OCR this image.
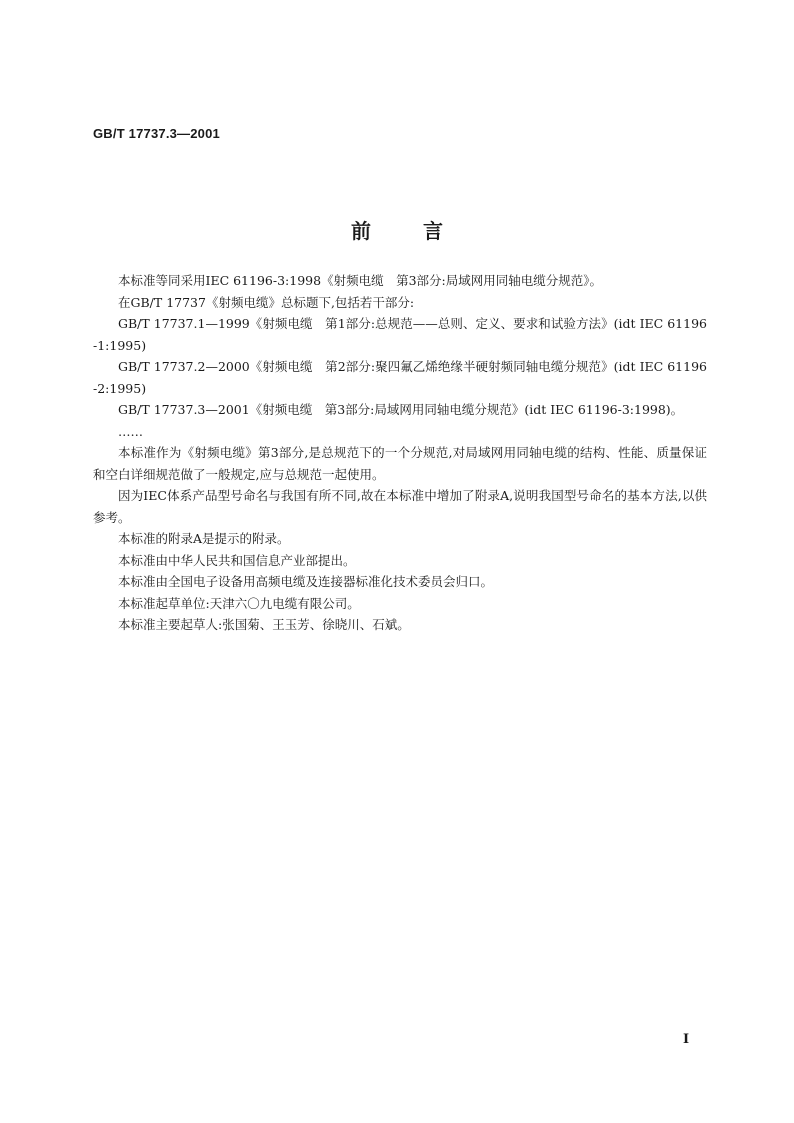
GB/T 17737.3—2001
前	言

本标准等同采用IEC 61196-3:1998《射频电缆　第3部分:局域网用同轴电缆分规范》。

在GB/T 17737《射频电缆》总标题下,包括若干部分:

GB/T 17737.1—1999《射频电缆　第1部分:总规范——总则、定义、要求和试验方法》(idt IEC 61196-1:1995)

GB/T 17737.2—2000《射频电缆　第2部分:聚四氟乙烯绝缘半硬射频同轴电缆分规范》(idt IEC 61196-2:1995)

GB/T 17737.3—2001《射频电缆　第3部分:局域网用同轴电缆分规范》(idt IEC 61196-3:1998)。

……

本标准作为《射频电缆》第3部分,是总规范下的一个分规范,对局域网用同轴电缆的结构、性能、质量保证和空白详细规范做了一般规定,应与总规范一起使用。

因为IEC体系产品型号命名与我国有所不同,故在本标准中增加了附录A,说明我国型号命名的基本方法,以供参考。

本标准的附录A是提示的附录。

本标准由中华人民共和国信息产业部提出。

本标准由全国电子设备用高频电缆及连接器标准化技术委员会归口。

本标准起草单位:天津六〇九电缆有限公司。

本标准主要起草人:张国菊、王玉芳、徐晓川、石斌。

I
